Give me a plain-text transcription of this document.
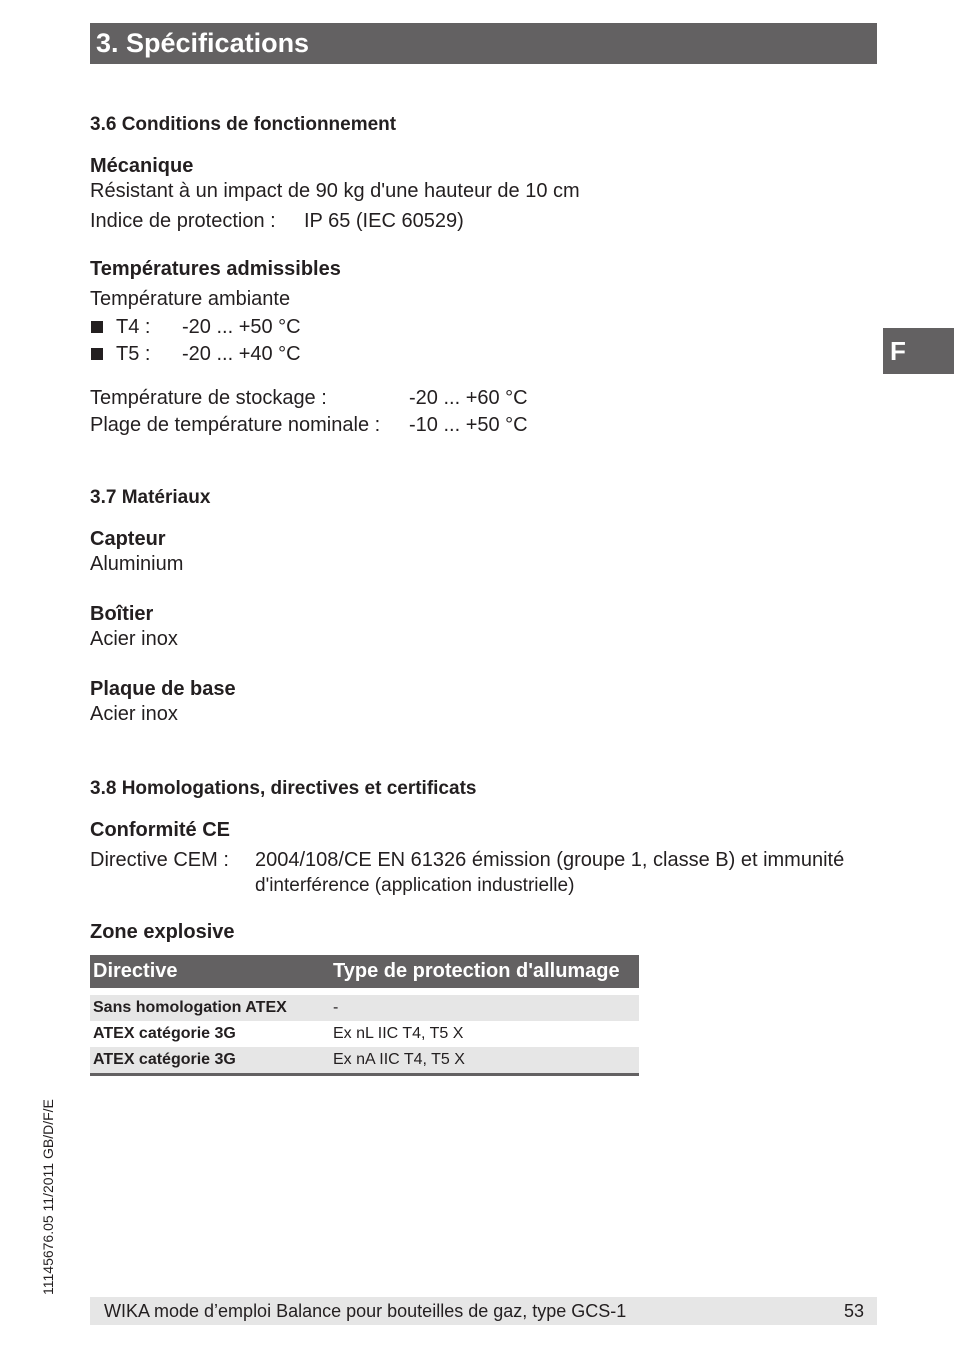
3. Spécifications
F
3.6 Conditions de fonctionnement
Mécanique
Résistant à un impact de 90 kg d'une hauteur de 10 cm
Indice de protection : IP 65 (IEC 60529)
Températures admissibles
Température ambiante
T4 : -20 ... +50 °C
T5 : -20 ... +40 °C
Température de stockage :	-20 ... +60 °C
Plage de température nominale : -10 ... +50 °C
3.7 Matériaux
Capteur
Aluminium
Boîtier
Acier inox
Plaque de base
Acier inox
3.8 Homologations, directives et certificats
Conformité CE
Directive CEM : 2004/108/CE EN 61326 émission (groupe 1, classe B) et immunité
d'interférence (application industrielle)
Zone explosive
Directive	Type de protection d'allumage
Sans homologation ATEX	-
ATEX catégorie 3G	Ex nL IIC T4, T5 X
ATEX catégorie 3G	Ex nA IIC T4, T5 X
11145676.05 11/2011 GB/D/F/E
WIKA mode d’emploi Balance pour bouteilles de gaz, type GCS-1	53
